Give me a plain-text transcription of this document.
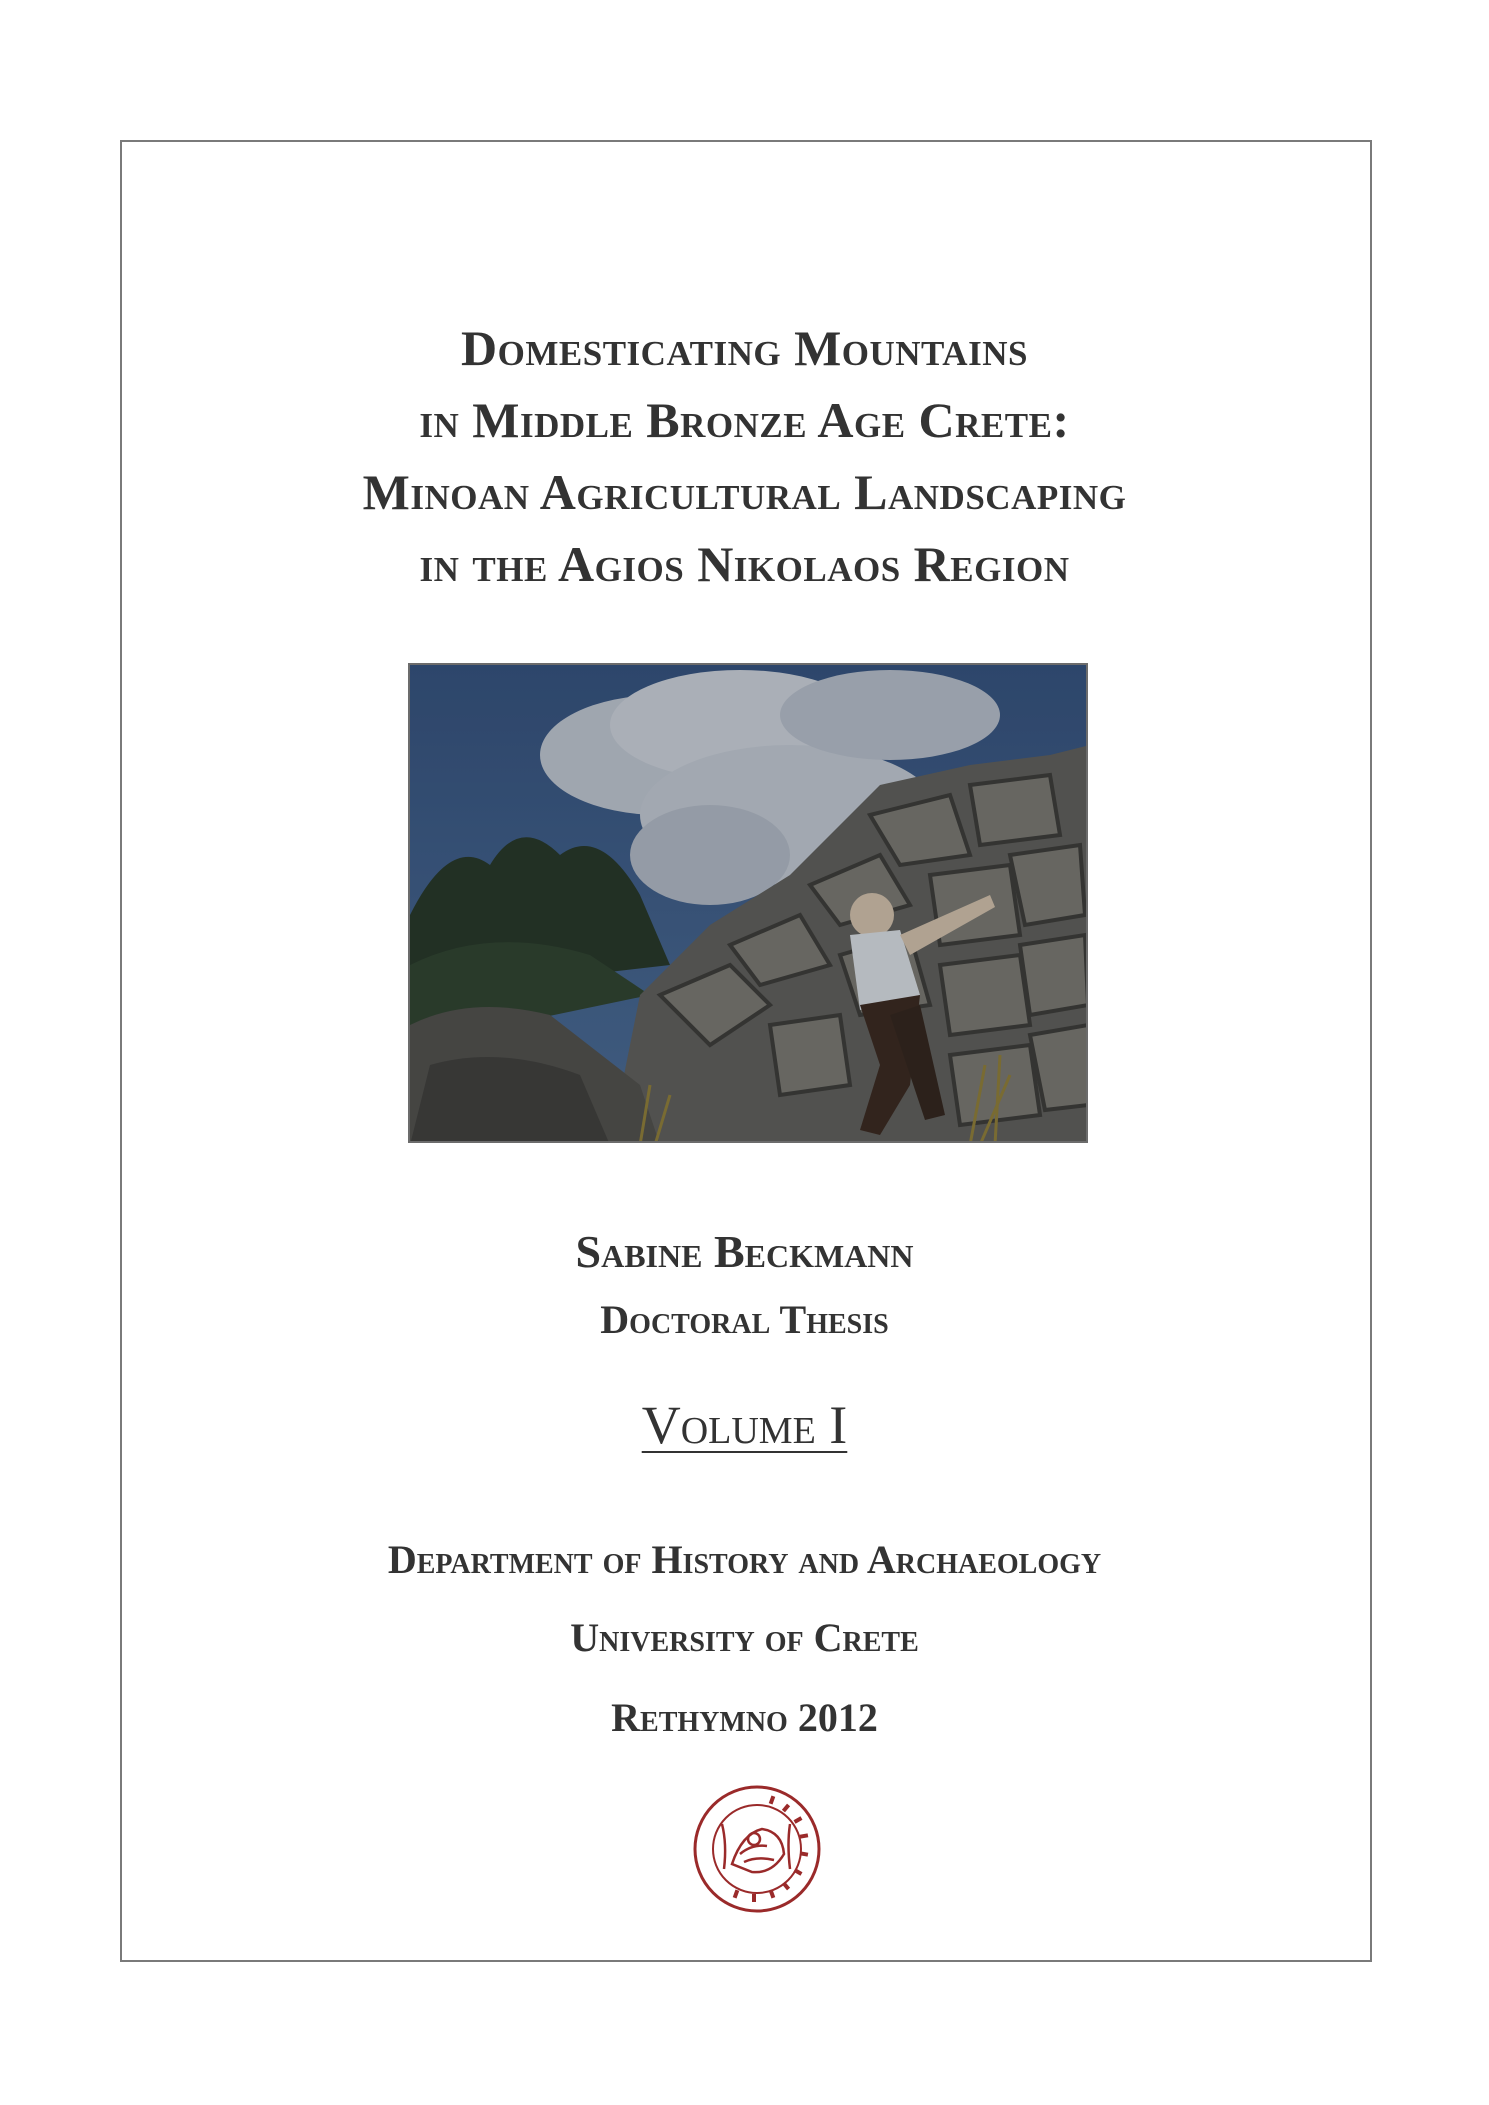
Domesticating Mountains
in Middle Bronze Age Crete:
Minoan Agricultural Landscaping
in the Agios Nikolaos Region
Sabine Beckmann
Doctoral Thesis
Volume I
Department of History and Archaeology
University of Crete
Rethymno 2012
